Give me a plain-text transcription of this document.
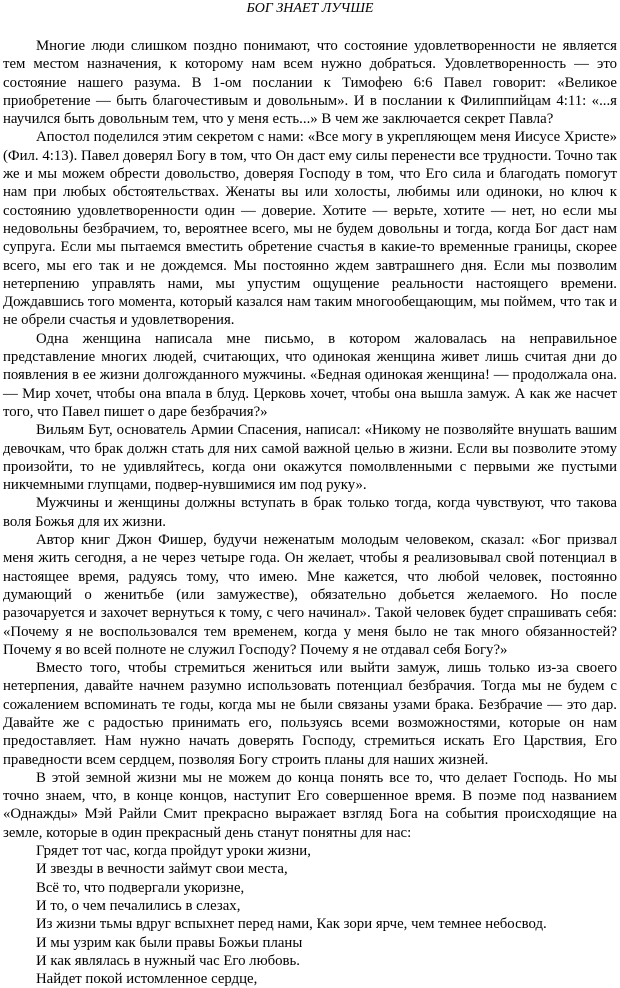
БОГ ЗНАЕТ ЛУЧШЕ

Многие люди слишком поздно понимают, что состояние удовлетворенности не является тем местом назначения, к которому нам всем нужно добраться. Удовлетворенность — это состояние нашего разума. В 1-ом послании к Тимофею 6:6 Павел говорит: «Великое приобретение — быть благочестивым и довольным». И в послании к Филиппийцам 4:11: «...я научился быть довольным тем, что у меня есть...» В чем же заключается секрет Павла?

Апостол поделился этим секретом с нами: «Все могу в укрепляющем меня Иисусе Христе» (Фил. 4:13). Павел доверял Богу в том, что Он даст ему силы перенести все трудности. Точно так же и мы можем обрести довольство, доверяя Господу в том, что Его сила и благодать помогут нам при любых обстоятельствах. Женаты вы или холосты, любимы или одиноки, но ключ к состоянию удовлетворенности один — доверие. Хотите — верьте, хотите — нет, но если мы недовольны безбрачием, то, вероятнее всего, мы не будем довольны и тогда, когда Бог даст нам супруга. Если мы пытаемся вместить обретение счастья в какие-то временные границы, скорее всего, мы его так и не дождемся. Мы постоянно ждем завтрашнего дня. Если мы позволим нетерпению управлять нами, мы упустим ощущение реальности настоящего времени. Дождавшись того момента, который казался нам таким многообещающим, мы поймем, что так и не обрели счастья и удовлетворения.

Одна женщина написала мне письмо, в котором жаловалась на неправильное представление многих людей, считающих, что одинокая женщина живет лишь считая дни до появления в ее жизни долгожданного мужчины. «Бедная одинокая женщина! — продолжала она.— Мир хочет, чтобы она впала в блуд. Церковь хочет, чтобы она вышла замуж. А как же насчет того, что Павел пишет о даре безбрачия?»

Вильям Бут, основатель Армии Спасения, написал: «Никому не позволяйте внушать вашим девочкам, что брак должн стать для них самой важной целью в жизни. Если вы позволите этому произойти, то не удивляйтесь, когда они окажутся помолвленными с первыми же пустыми никчемными глупцами, подвер-нувшимися им под руку».

Мужчины и женщины должны вступать в брак только тогда, когда чувствуют, что такова воля Божья для их жизни.

Автор книг Джон Фишер, будучи неженатым молодым человеком, сказал: «Бог призвал меня жить сегодня, а не через четыре года. Он желает, чтобы я реализовывал свой потенциал в настоящее время, радуясь тому, что имею. Мне кажется, что любой человек, постоянно думающий о женитьбе (или замужестве), обязательно добьется желаемого. Но после разочаруется и захочет вернуться к тому, с чего начинал». Такой человек будет спрашивать себя: «Почему я не воспользовался тем временем, когда у меня было не так много обязанностей? Почему я во всей полноте не служил Господу? Почему я не отдавал себя Богу?»

Вместо того, чтобы стремиться жениться или выйти замуж, лишь только из-за своего нетерпения, давайте начнем разумно использовать потенциал безбрачия. Тогда мы не будем с сожалением вспоминать те годы, когда мы не были связаны узами брака. Безбрачие — это дар. Давайте же с радостью принимать его, пользуясь всеми возможностями, которые он нам предоставляет. Нам нужно начать доверять Господу, стремиться искать Его Царствия, Его праведности всем сердцем, позволяя Богу строить планы для наших жизней.

В этой земной жизни мы не можем до конца понять все то, что делает Господь. Но мы точно знаем, что, в конце концов, наступит Его совершенное время. В поэме под названием «Однажды» Мэй Райли Смит прекрасно выражает взгляд Бога на события происходящие на земле, которые в один прекрасный день станут понятны для нас:

Грядет тот час, когда пройдут уроки жизни,
И звезды в вечности займут свои места,
Всё то, что подвергали укоризне,
И то, о чем печалились в слезах,
Из жизни тьмы вдруг вспыхнет перед нами, Как зори ярче, чем темнее небосвод.
И мы узрим как были правы Божьи планы
И как являлась в нужный час Его любовь.
Найдет покой истомленное сердце,
